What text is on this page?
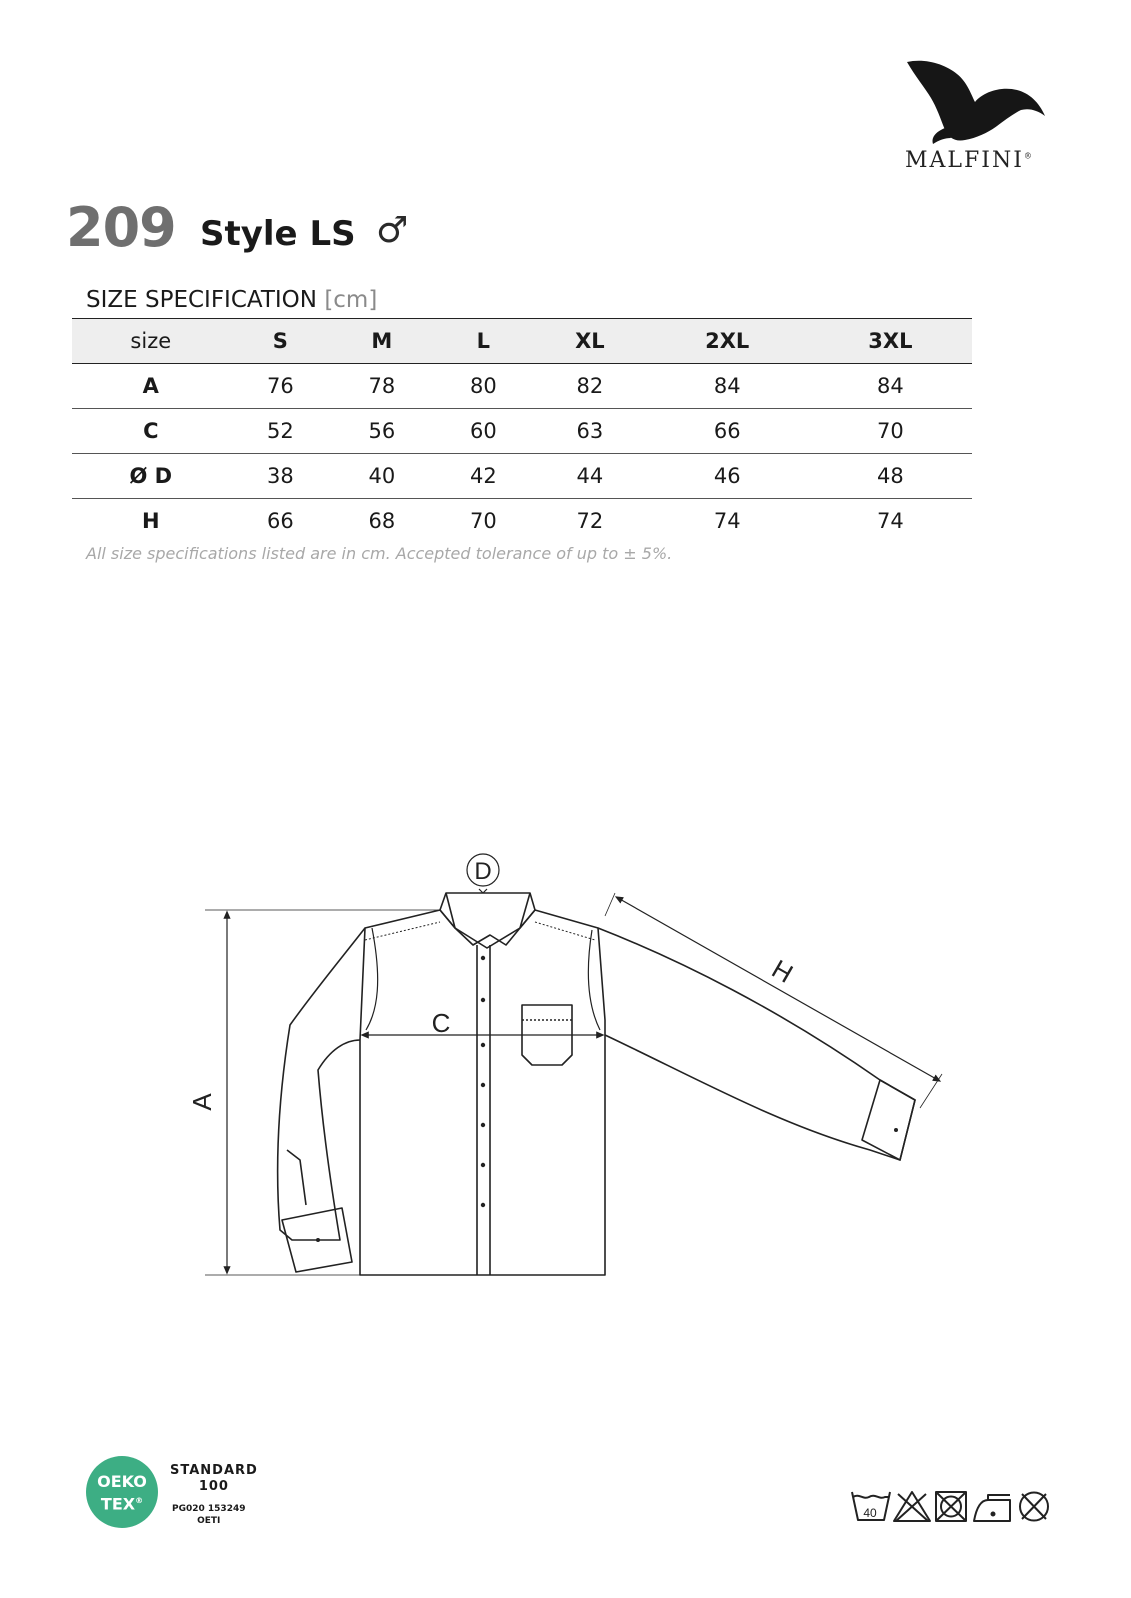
MALFINI®
209 Style LS ♂
SIZE SPECIFICATION [cm]
size	S	M	L	XL	2XL	3XL
A	76	78	80	82	84	84
C	52	56	60	63	66	70
Ø D	38	40	42	44	46	48
H	66	68	70	72	74	74
All size specifications listed are in cm. Accepted tolerance of up to ± 5%.
A
C
D
H
OEKO
TEX®
STANDARD
100
PG020 153249
OETI
40
